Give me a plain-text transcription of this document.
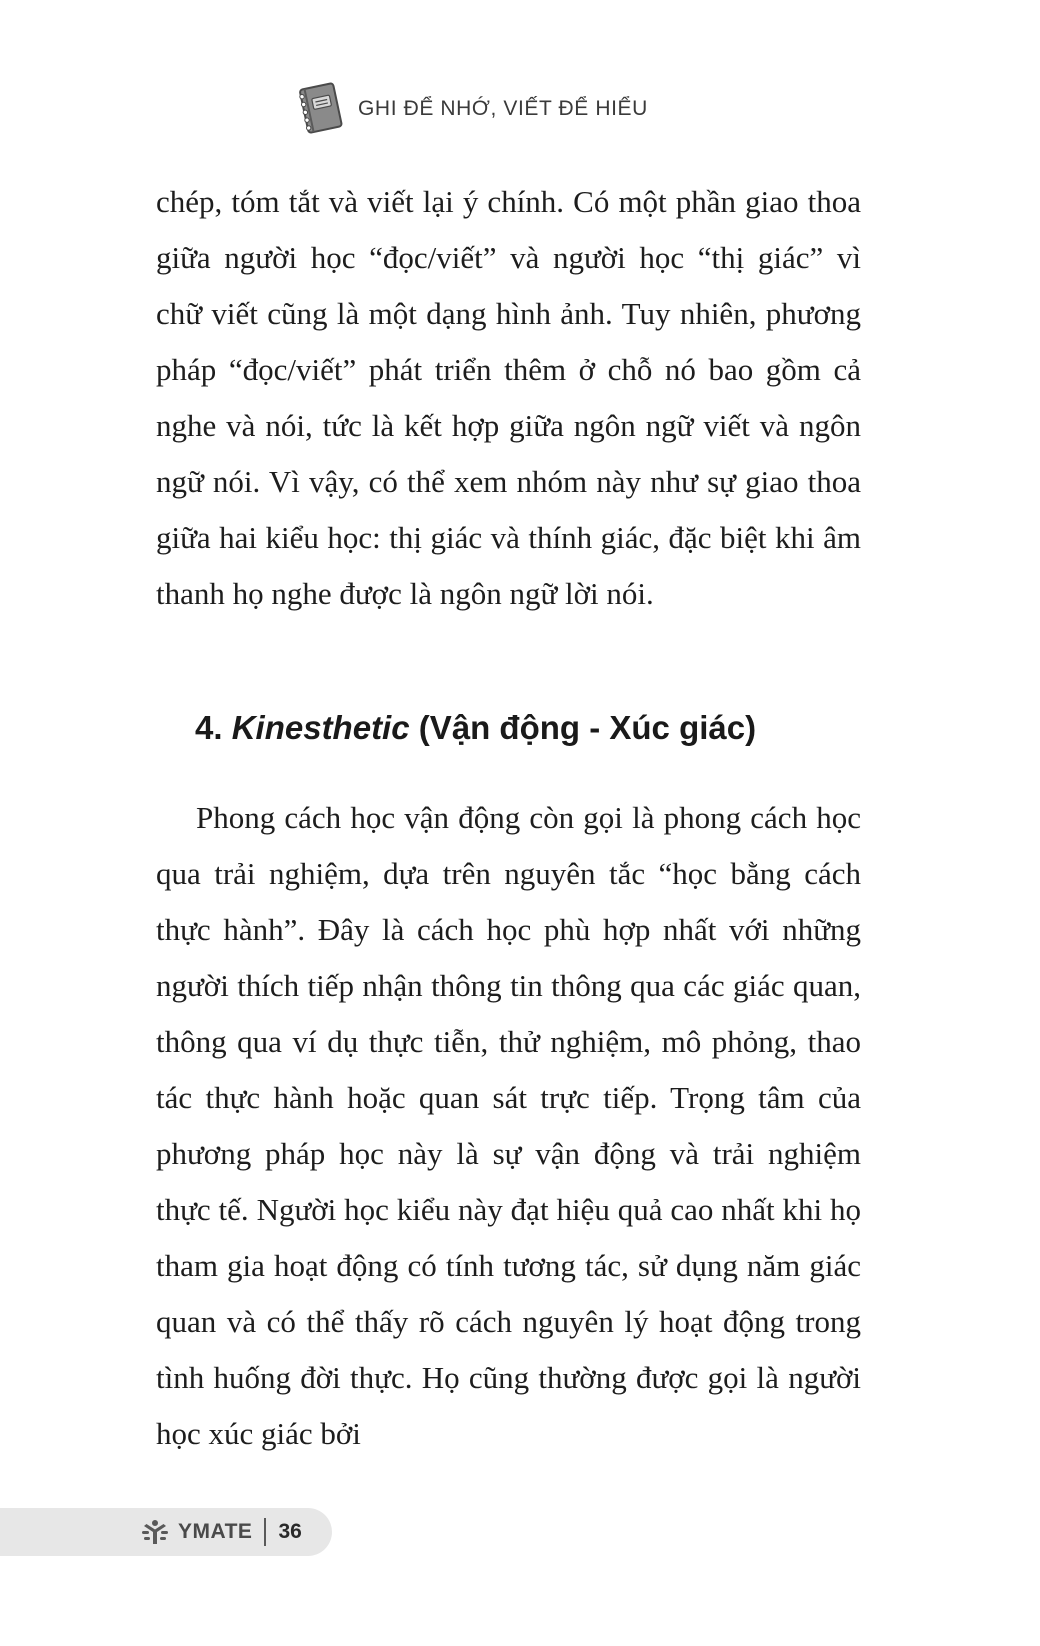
GHI ĐỂ NHỚ, VIẾT ĐỂ HIỂU

chép, tóm tắt và viết lại ý chính. Có một phần giao thoa giữa người học “đọc/viết” và người học “thị giác” vì chữ viết cũng là một dạng hình ảnh. Tuy nhiên, phương pháp “đọc/viết” phát triển thêm ở chỗ nó bao gồm cả nghe và nói, tức là kết hợp giữa ngôn ngữ viết và ngôn ngữ nói. Vì vậy, có thể xem nhóm này như sự giao thoa giữa hai kiểu học: thị giác và thính giác, đặc biệt khi âm thanh họ nghe được là ngôn ngữ lời nói.

4. Kinesthetic (Vận động - Xúc giác)

Phong cách học vận động còn gọi là phong cách học qua trải nghiệm, dựa trên nguyên tắc “học bằng cách thực hành”. Đây là cách học phù hợp nhất với những người thích tiếp nhận thông tin thông qua các giác quan, thông qua ví dụ thực tiễn, thử nghiệm, mô phỏng, thao tác thực hành hoặc quan sát trực tiếp. Trọng tâm của phương pháp học này là sự vận động và trải nghiệm thực tế. Người học kiểu này đạt hiệu quả cao nhất khi họ tham gia hoạt động có tính tương tác, sử dụng năm giác quan và có thể thấy rõ cách nguyên lý hoạt động trong tình huống đời thực. Họ cũng thường được gọi là người học xúc giác bởi

YMATE 36
